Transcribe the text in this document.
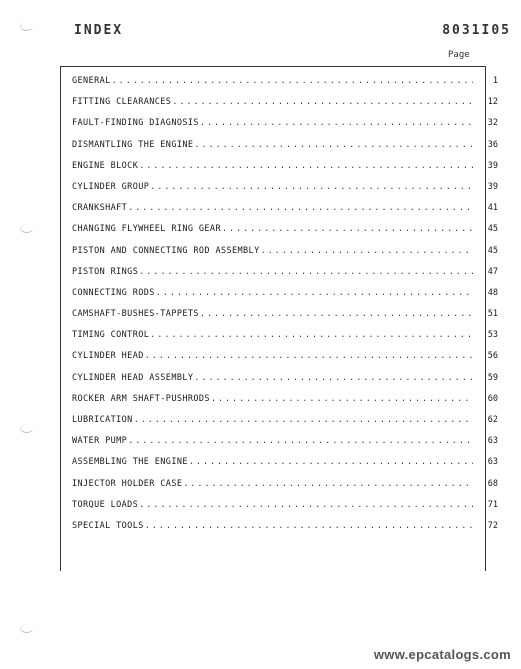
INDEX	8031I05
Page
GENERAL . . .	1
FITTING CLEARANCES . . .	12
FAULT-FINDING DIAGNOSIS . . .	32
DISMANTLING THE ENGINE . . .	36
ENGINE BLOCK . . .	39
CYLINDER GROUP . . .	39
CRANKSHAFT . . .	41
CHANGING FLYWHEEL RING GEAR . . .	45
PISTON AND CONNECTING ROD ASSEMBLY . . .	45
PISTON RINGS . . .	47
CONNECTING RODS . . .	48
CAMSHAFT-BUSHES-TAPPETS . . .	51
TIMING CONTROL . . .	53
CYLINDER HEAD . . .	56
CYLINDER HEAD ASSEMBLY . . .	59
ROCKER ARM SHAFT-PUSHRODS . . .	60
LUBRICATION . . .	62
WATER PUMP . . .	63
ASSEMBLING THE ENGINE . . .	63
INJECTOR HOLDER CASE . . .	68
TORQUE LOADS . . .	71
SPECIAL TOOLS . . .	72
www.epcatalogs.com
